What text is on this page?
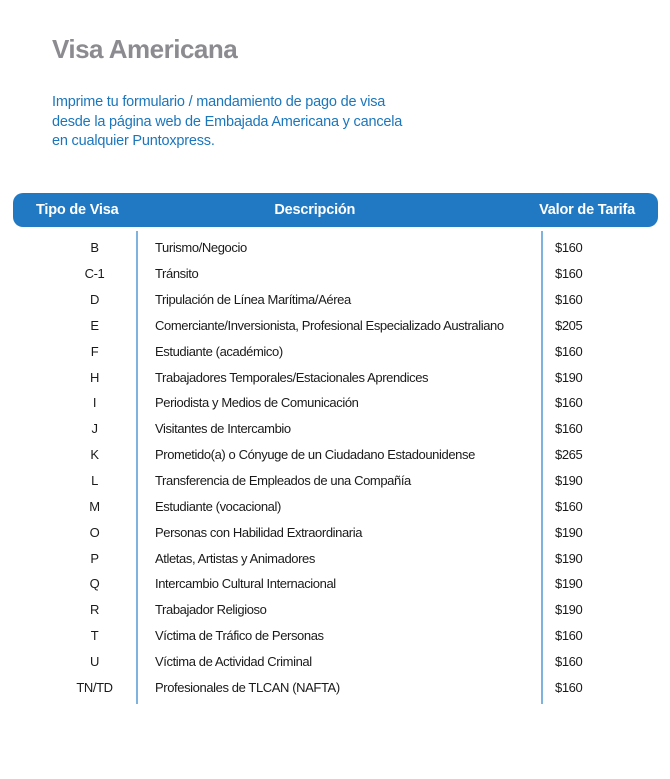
Visa Americana
Imprime tu formulario / mandamiento de pago de visa
desde la página web de Embajada Americana y cancela
en cualquier Puntoxpress.
Tipo de Visa	Descripción	Valor de Tarifa
B	Turismo/Negocio	$160
C-1	Tránsito	$160
D	Tripulación de Línea Marítima/Aérea	$160
E	Comerciante/Inversionista, Profesional Especializado Australiano	$205
F	Estudiante (académico)	$160
H	Trabajadores Temporales/Estacionales Aprendices	$190
I	Periodista y Medios de Comunicación	$160
J	Visitantes de Intercambio	$160
K	Prometido(a) o Cónyuge de un Ciudadano Estadounidense	$265
L	Transferencia de Empleados de una Compañía	$190
M	Estudiante (vocacional)	$160
O	Personas con Habilidad Extraordinaria	$190
P	Atletas, Artistas y Animadores	$190
Q	Intercambio Cultural Internacional	$190
R	Trabajador Religioso	$190
T	Víctima de Tráfico de Personas	$160
U	Víctima de Actividad Criminal	$160
TN/TD	Profesionales de TLCAN (NAFTA)	$160
